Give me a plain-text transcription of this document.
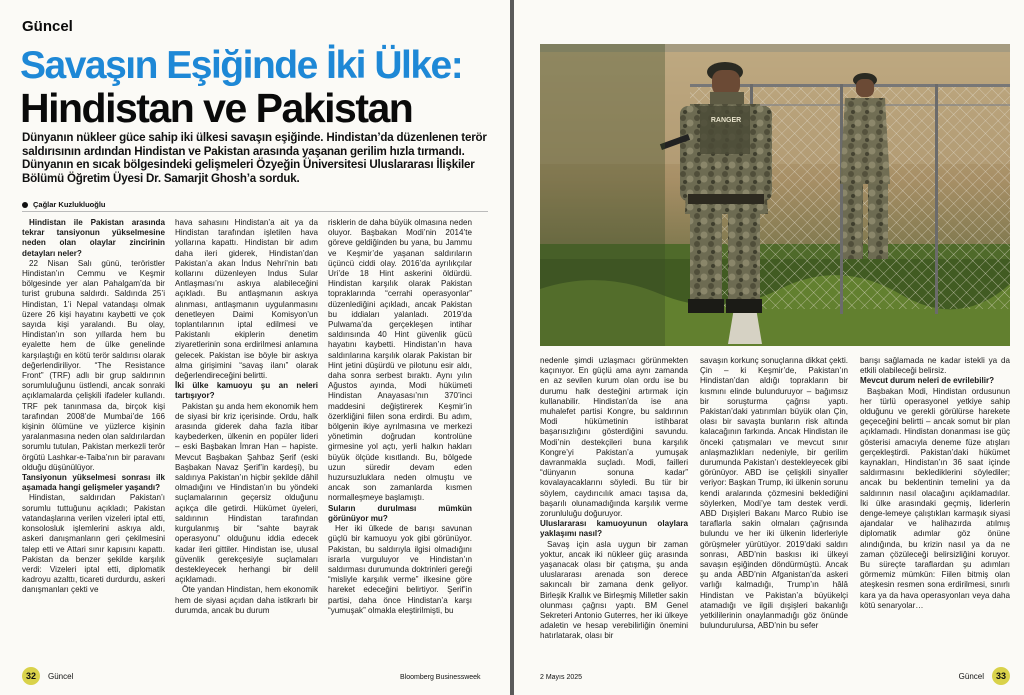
Güncel
Savaşın Eşiğinde İki Ülke:
Hindistan ve Pakistan
Dünyanın nükleer güce sahip iki ülkesi savaşın eşiğinde. Hindistan’da düzenlenen terör saldırısının ardından Hindistan ve Pakistan arasında yaşanan gerilim hızla tırmandı. Dünyanın en sıcak bölgesindeki gelişmeleri Özyeğin Üniversitesi Uluslararası İlişkiler Bölümü Öğretim Üyesi Dr. Samarjit Ghosh’a sorduk.
Çağlar Kuzlukluoğlu

Hindistan ile Pakistan arasında tekrar tansiyonun yükselmesine neden olan olaylar zincirinin detayları neler?

22 Nisan Salı günü, teröristler Hindistan’ın Cemmu ve Keşmir bölgesinde yer alan Pahalgam’da bir turist grubuna saldırdı. Saldırıda 25’i Hindistan, 1’i Nepal vatandaşı olmak üzere 26 kişi hayatını kaybetti ve çok sayıda kişi yaralandı. Bu olay, Hindistan’ın son yıllarda hem bu eyalette hem de ülke genelinde karşılaştığı en kötü terör saldırısı olarak değerlendiriliyor. “The Resistance Front” (TRF) adlı bir grup saldırının sorumluluğunu üstlendi, ancak sonraki açıklamalarda çelişkili ifadeler kullandı. TRF pek tanınmasa da, birçok kişi tarafından 2008’de Mumbai’de 166 kişinin ölümüne ve yüzlerce kişinin yaralanmasına neden olan saldırılardan sorumlu tutulan, Pakistan merkezli terör örgütü Lashkar-e-Taiba’nın bir paravanı olduğu düşünülüyor.

Tansiyonun yükselmesi sonrası ilk aşamada hangi gelişmeler yaşandı?

Hindistan, saldırıdan Pakistan’ı sorumlu tuttuğunu açıkladı; Pakistan vatandaşlarına verilen vizeleri iptal etti, konsolosluk işlemlerini askıya aldı, askeri danışmanların geri çekilmesini talep etti ve Attari sınır kapısını kapattı. Pakistan da benzer şekilde karşılık verdi: Vizeleri iptal etti, diplomatik kadroyu azalttı, ticareti durdurdu, askeri danışmanları çekti ve

hava sahasını Hindistan’a ait ya da Hindistan tarafından işletilen hava yollarına kapattı. Hindistan bir adım daha ileri giderek, Hindistan’dan Pakistan’a akan İndus Nehri’nin batı kollarını düzenleyen Indus Sular Antlaşması’nı askıya alabileceğini açıkladı. Bu antlaşmanın askıya alınması, antlaşmanın uygulanmasını denetleyen Daimi Komisyon’un toplantılarının iptal edilmesi ve Pakistanlı ekiplerin denetim ziyaretlerinin sona erdirilmesi anlamına gelecek. Pakistan ise böyle bir askıya alma girişimini “savaş ilanı” olarak değerlendireceğini belirtti.

İki ülke kamuoyu şu an neleri tartışıyor?

Pakistan şu anda hem ekonomik hem de siyasi bir kriz içerisinde. Ordu, halk arasında giderek daha fazla itibar kaybederken, ülkenin en popüler lideri – eski Başbakan İmran Han – hapiste. Mevcut Başbakan Şahbaz Şerif (eski Başbakan Navaz Şerif’in kardeşi), bu saldırıya Pakistan’ın hiçbir şekilde dâhil olmadığını ve Hindistan’ın bu yöndeki suçlamalarının geçersiz olduğunu açıkça dile getirdi. Hükümet üyeleri, saldırının Hindistan tarafından kurgulanmış bir “sahte bayrak operasyonu” olduğunu iddia edecek kadar ileri gittiler. Hindistan ise, ulusal güvenlik gerekçesiyle suçlamaları destekleyecek herhangi bir delil açıklamadı.

Öte yandan Hindistan, hem ekonomik hem de siyasi açıdan daha istikrarlı bir durumda, ancak bu durum

risklerin de daha büyük olmasına neden oluyor. Başbakan Modi’nin 2014’te göreve geldiğinden bu yana, bu Jammu ve Keşmir’de yaşanan saldırıların üçüncü ciddi olay. 2016’da ayrılıkçılar Uri’de 18 Hint askerini öldürdü. Hindistan karşılık olarak Pakistan topraklarında “cerrahi operasyonlar” düzenlediğini açıkladı, ancak Pakistan bu iddiaları yalanladı. 2019’da Pulwama’da gerçekleşen intihar saldırısında 40 Hint güvenlik gücü hayatını kaybetti. Hindistan’ın hava saldırılarına karşılık olarak Pakistan bir Hint jetini düşürdü ve pilotunu esir aldı, daha sonra serbest bıraktı. Aynı yılın Ağustos ayında, Modi hükümeti Hindistan Anayasası’nın 370’inci maddesini değiştirerek Keşmir’in özerkliğini fiilen sona erdirdi. Bu adım, bölgenin ikiye ayrılmasına ve merkezi yönetimin doğrudan kontrolüne girmesine yol açtı, yerli halkın hakları büyük ölçüde kısıtlandı. Bu, bölgede uzun süredir devam eden huzursuzluklara neden olmuştu ve ancak son zamanlarda kısmen normalleşmeye başlamıştı.

Suların durulması mümkün görünüyor mu?

Her iki ülkede de barışı savunan güçlü bir kamuoyu yok gibi görünüyor. Pakistan, bu saldırıyla ilgisi olmadığını israrla vurguluyor ve Hindistan’ın saldırması durumunda doktrinleri gereği “misliyle karşılık verme” ilkesine göre hareket edeceğini belirtiyor. Şerif’in partisi, daha önce Hindistan’a karşı “yumuşak” olmakla eleştirilmişti, bu

32	Güncel	Bloomberg Businessweek
RANGER

nedenle şimdi uzlaşmacı görünmekten kaçınıyor. En güçlü ama aynı zamanda en az sevilen kurum olan ordu ise bu durumu halk desteğini artırmak için kullanabilir. Hindistan’da ise ana muhalefet partisi Kongre, bu saldırının Modi hükümetinin istihbarat başarısızlığını gösterdiğini savundu. Modi’nin destekçileri buna karşılık Kongre’yi Pakistan’a yumuşak davranmakla suçladı. Modi, failleri “dünyanın sonuna kadar” kovalayacaklarını söyledi. Bu tür bir söylem, caydırıcılık amacı taşısa da, başarılı olunamadığında karşılık verme zorunluluğu doğuruyor.

Uluslararası kamuoyunun olaylara yaklaşımı nasıl?

Savaş için asla uygun bir zaman yoktur, ancak iki nükleer güç arasında yaşanacak olası bir çatışma, şu anda uluslararası arenada son derece sakıncalı bir zamana denk geliyor. Birleşik Krallık ve Birleşmiş Milletler sakin olunması çağrısı yaptı. BM Genel Sekreteri Antonio Guterres, her iki ülkeye adaletin ve hesap verebilirliğin önemini hatırlatarak, olası bir

savaşın korkunç sonuçlarına dikkat çekti. Çin – ki Keşmir’de, Pakistan’ın Hindistan’dan aldığı toprakların bir kısmını elinde bulunduruyor – bağımsız bir soruşturma çağrısı yaptı. Pakistan’daki yatırımları büyük olan Çin, olası bir savaşta bunların risk altında kalacağının farkında. Ancak Hindistan ile önceki çatışmaları ve mevcut sınır anlaşmazlıkları nedeniyle, bir gerilim durumunda Pakistan’ı destekleyecek gibi görünüyor. ABD ise çelişkili sinyaller veriyor: Başkan Trump, iki ülkenin sorunu kendi aralarında çözmesini beklediğini söylerken, Modi’ye tam destek verdi. ABD Dışişleri Bakanı Marco Rubio ise taraflarla sakin olmaları çağrısında bulundu ve her iki ülkenin liderleriyle görüşmeler yürütüyor. 2019’daki saldırı sonrası, ABD’nin baskısı iki ülkeyi savaşın eşiğinden döndürmüştü. Ancak şu anda ABD’nin Afganistan’da askeri varlığı kalmadığı, Trump’ın hâlâ Hindistan ve Pakistan’a büyükelçi atamadığı ve ilgili dışişleri bakanlığı yetkililerinin onaylanmadığı göz önünde bulundurulursa, ABD’nin bu sefer

barışı sağlamada ne kadar istekli ya da etkili olabileceği belirsiz.

Mevcut durum neleri de evrilebilir?

Başbakan Modi, Hindistan ordusunun her türlü operasyonel yetkiye sahip olduğunu ve gerekli görülürse harekete geçeceğini belirtti – ancak somut bir plan açıklamadı. Hindistan donanması ise güç gösterisi amacıyla deneme füze atışları gerçekleştirdi. Pakistan’daki hükümet kaynakları, Hindistan’ın 36 saat içinde saldırmasını beklediklerini söylediler; ancak bu beklentinin temelini ya da saldırının nasıl olacağını açıklamadılar. İki ülke arasındaki geçmiş, liderlerin denge-lemeye çalıştıkları karmaşık siyasi ajandalar ve halihazırda atılmış diplomatik adımlar göz önüne alındığında, bu krizin nasıl ya da ne zaman çözüleceği belirsizliğini koruyor. Bu süreçte taraflardan şu adımları görmemiz mümkün: Fiilen bitmiş olan ateşkesin resmen sona erdirilmesi, sınırlı kara ya da hava operasyonları veya daha kötü senaryolar…

2 Mayıs 2025	Güncel	33
